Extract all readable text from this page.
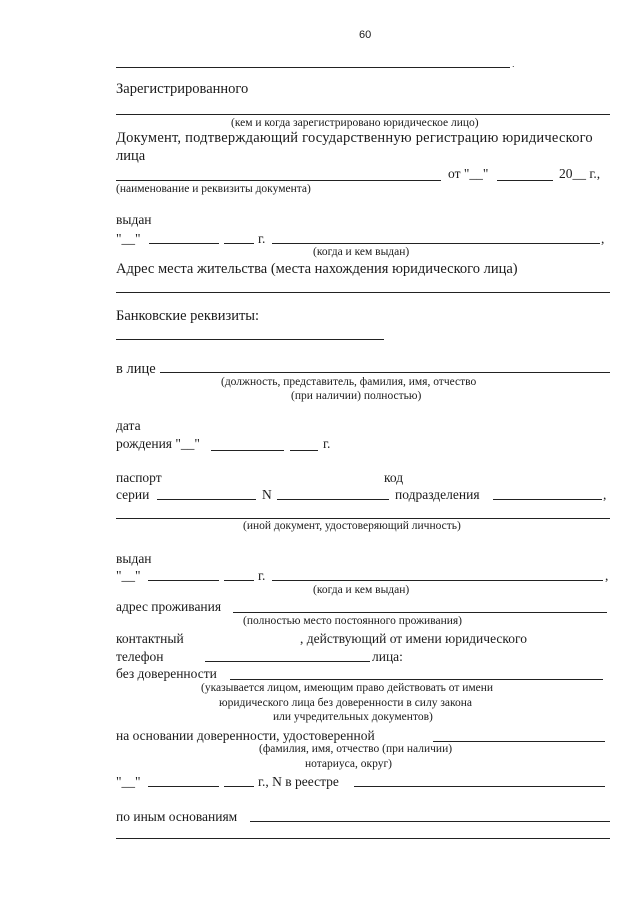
60
.
Зарегистрированного
(кем и когда зарегистрировано юридическое лицо)
Документ, подтверждающий государственную регистрацию юридического
лица
от "__"	20__ г.,
(наименование и реквизиты документа)
выдан
"__"	г.	,
(когда и кем выдан)
Адрес места жительства (места нахождения юридического лица)
Банковские реквизиты:
в лице
(должность, представитель, фамилия, имя, отчество
(при наличии) полностью)
дата
рождения "__"	г.
паспорт	код
серии	N	подразделения	,
(иной документ, удостоверяющий личность)
выдан
"__"	г.	,
(когда и кем выдан)
адрес проживания
(полностью место постоянного проживания)
контактный	, действующий от имени юридического
телефон	лица:
без доверенности
(указывается лицом, имеющим право действовать от имени
юридического лица без доверенности в силу закона
или учредительных документов)
на основании доверенности, удостоверенной
(фамилия, имя, отчество (при наличии)
нотариуса, округ)
"__"	г., N в реестре
по иным основаниям
